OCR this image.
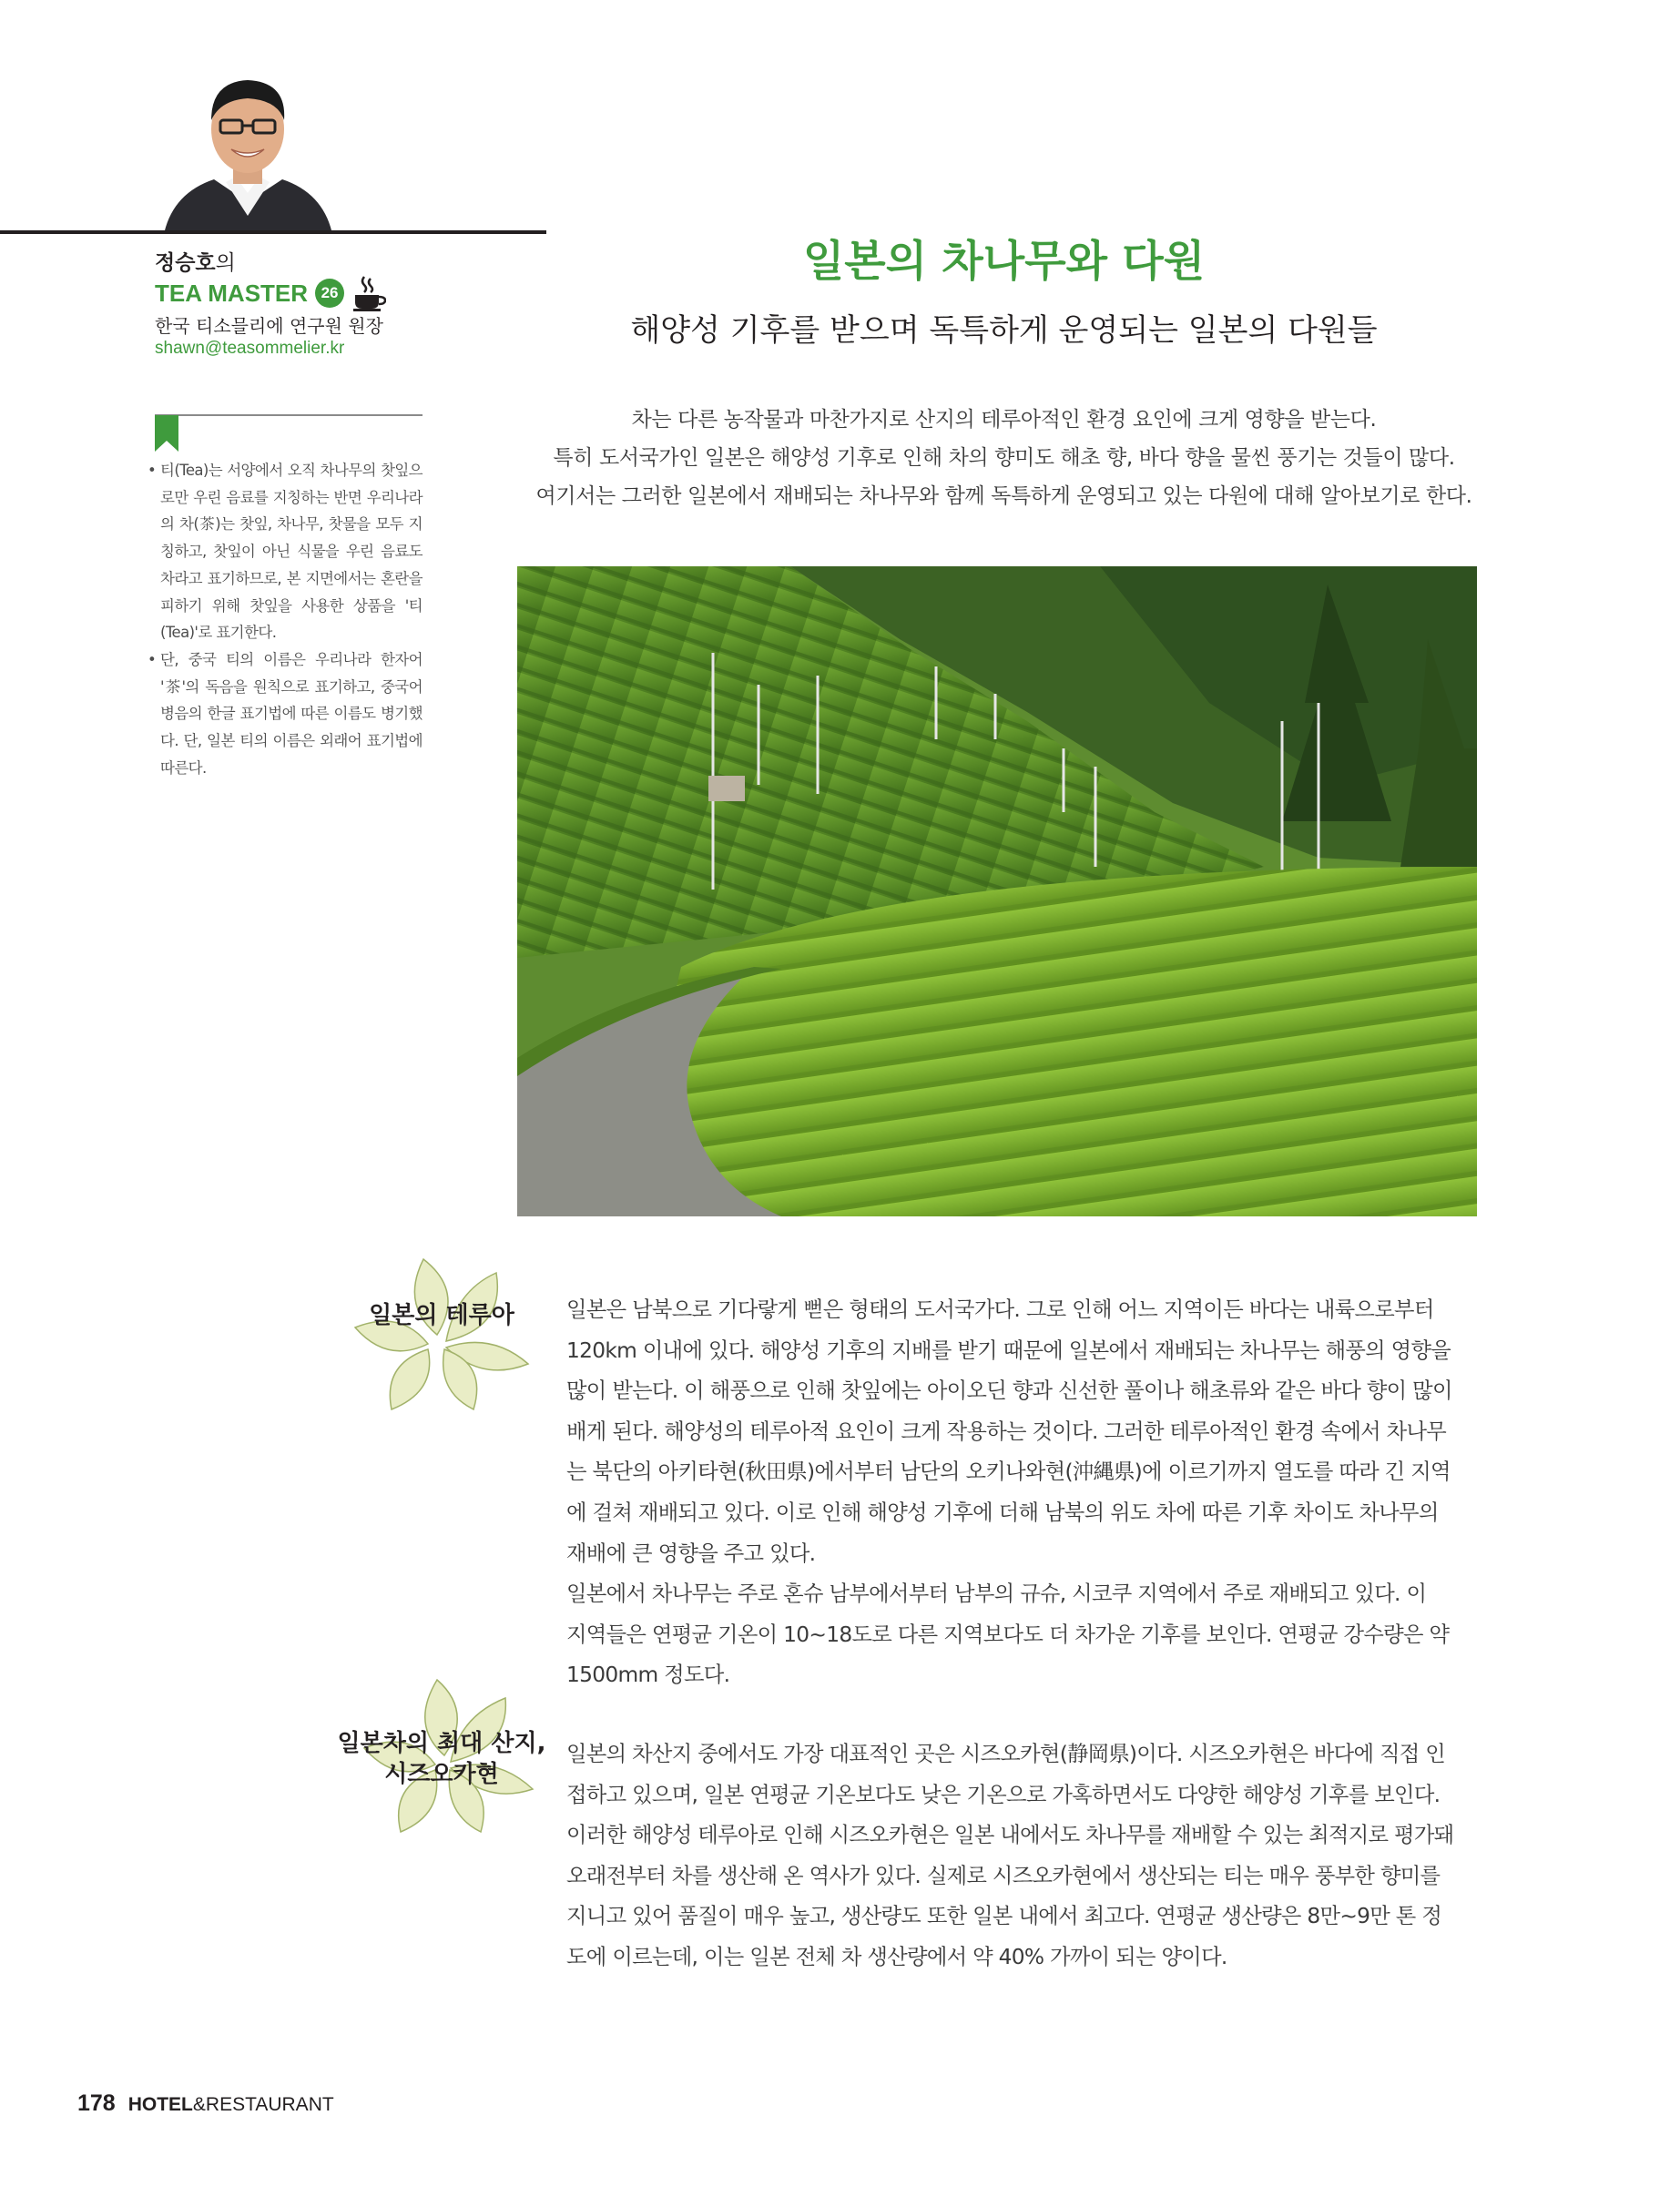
정승호의
TEA MASTER 26
한국 티소믈리에 연구원 원장
shawn@teasommelier.kr
• 티(Tea)는 서양에서 오직 차나무의 찻잎으로만 우린 음료를 지칭하는 반면 우리나라의 차(茶)는 찻잎, 차나무, 찻물을 모두 지칭하고, 찻잎이 아닌 식물을 우린 음료도 차라고 표기하므로, 본 지면에서는 혼란을 피하기 위해 찻잎을 사용한 상품을 '티(Tea)'로 표기한다.
• 단, 중국 티의 이름은 우리나라 한자어 '茶'의 독음을 원칙으로 표기하고, 중국어 병음의 한글 표기법에 따른 이름도 병기했다. 단, 일본 티의 이름은 외래어 표기법에 따른다.
일본의 차나무와 다원
해양성 기후를 받으며 독특하게 운영되는 일본의 다원들
차는 다른 농작물과 마찬가지로 산지의 테루아적인 환경 요인에 크게 영향을 받는다.
특히 도서국가인 일본은 해양성 기후로 인해 차의 향미도 해초 향, 바다 향을 물씬 풍기는 것들이 많다.
여기서는 그러한 일본에서 재배되는 차나무와 함께 독특하게 운영되고 있는 다원에 대해 알아보기로 한다.
일본의 테루아	일본은 남북으로 기다랗게 뻗은 형태의 도서국가다. 그로 인해 어느 지역이든 바다는 내륙으로부터
120km 이내에 있다. 해양성 기후의 지배를 받기 때문에 일본에서 재배되는 차나무는 해풍의 영향을
많이 받는다. 이 해풍으로 인해 찻잎에는 아이오딘 향과 신선한 풀이나 해초류와 같은 바다 향이 많이
배게 된다. 해양성의 테루아적 요인이 크게 작용하는 것이다. 그러한 테루아적인 환경 속에서 차나무
는 북단의 아키타현(秋田県)에서부터 남단의 오키나와현(沖縄県)에 이르기까지 열도를 따라 긴 지역
에 걸쳐 재배되고 있다. 이로 인해 해양성 기후에 더해 남북의 위도 차에 따른 기후 차이도 차나무의
재배에 큰 영향을 주고 있다.
일본에서 차나무는 주로 혼슈 남부에서부터 남부의 규슈, 시코쿠 지역에서 주로 재배되고 있다. 이
지역들은 연평균 기온이 10~18도로 다른 지역보다도 더 차가운 기후를 보인다. 연평균 강수량은 약
1500mm 정도다.
일본차의 최대 산지,
시즈오카현
일본의 차산지 중에서도 가장 대표적인 곳은 시즈오카현(静岡県)이다. 시즈오카현은 바다에 직접 인
접하고 있으며, 일본 연평균 기온보다도 낮은 기온으로 가혹하면서도 다양한 해양성 기후를 보인다.
이러한 해양성 테루아로 인해 시즈오카현은 일본 내에서도 차나무를 재배할 수 있는 최적지로 평가돼
오래전부터 차를 생산해 온 역사가 있다. 실제로 시즈오카현에서 생산되는 티는 매우 풍부한 향미를
지니고 있어 품질이 매우 높고, 생산량도 또한 일본 내에서 최고다. 연평균 생산량은 8만~9만 톤 정
도에 이르는데, 이는 일본 전체 차 생산량에서 약 40% 가까이 되는 양이다.
178 HOTEL&RESTAURANT
